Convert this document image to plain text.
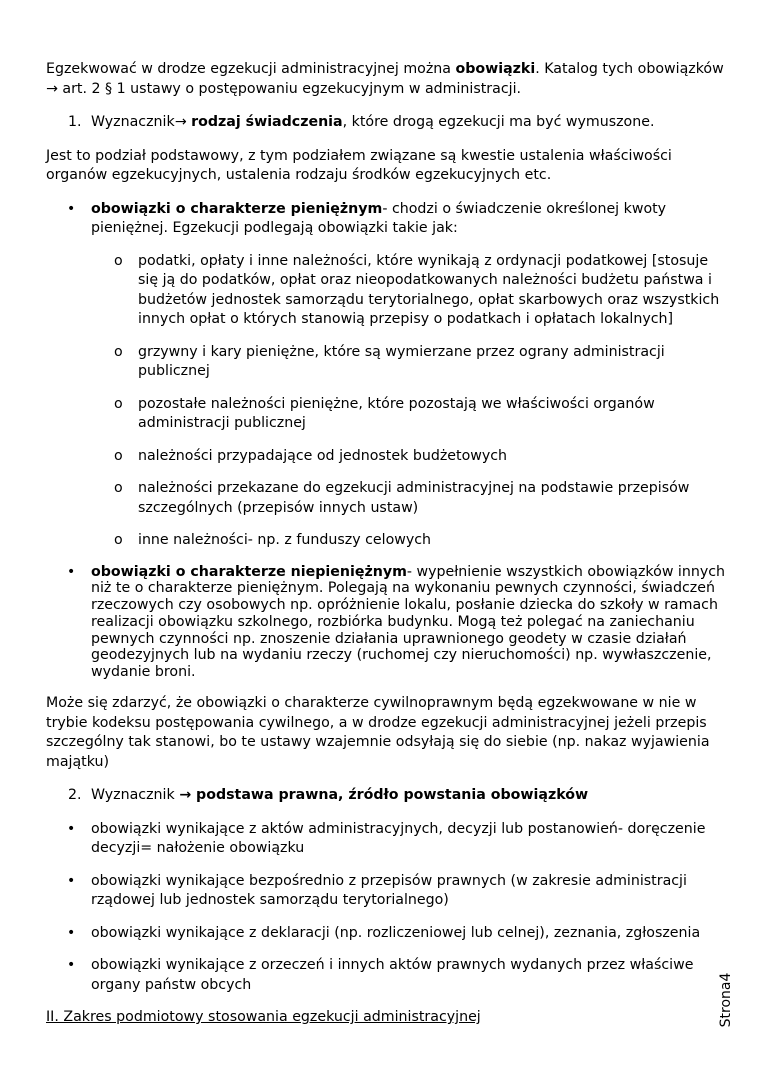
Egzekwować w drodze egzekucji administracyjnej można obowiązki. Katalog tych obowiązków → art. 2 § 1 ustawy o postępowaniu egzekucyjnym w administracji.

1. Wyznacznik→ rodzaj świadczenia, które drogą egzekucji ma być wymuszone.

Jest to podział podstawowy, z tym podziałem związane są kwestie ustalenia właściwości organów egzekucyjnych, ustalenia rodzaju środków egzekucyjnych etc.

• obowiązki o charakterze pieniężnym- chodzi o świadczenie określonej kwoty pieniężnej. Egzekucji podlegają obowiązki takie jak:
o podatki, opłaty i inne należności, które wynikają z ordynacji podatkowej [stosuje się ją do podatków, opłat oraz nieopodatkowanych należności budżetu państwa i budżetów jednostek samorządu terytorialnego, opłat skarbowych oraz wszystkich innych opłat o których stanowią przepisy o podatkach i opłatach lokalnych]
o grzywny i kary pieniężne, które są wymierzane przez ograny administracji publicznej
o pozostałe należności pieniężne, które pozostają we właściwości organów administracji publicznej
o należności przypadające od jednostek budżetowych
o należności przekazane do egzekucji administracyjnej na podstawie przepisów szczególnych (przepisów innych ustaw)
o inne należności- np. z funduszy celowych
• obowiązki o charakterze niepieniężnym- wypełnienie wszystkich obowiązków innych niż te o charakterze pieniężnym. Polegają na wykonaniu pewnych czynności, świadczeń rzeczowych czy osobowych np. opróżnienie lokalu, posłanie dziecka do szkoły w ramach realizacji obowiązku szkolnego, rozbiórka budynku. Mogą też polegać na zaniechaniu pewnych czynności np. znoszenie działania uprawnionego geodety w czasie działań geodezyjnych lub na wydaniu rzeczy (ruchomej czy nieruchomości) np. wywłaszczenie, wydanie broni.

Może się zdarzyć, że obowiązki o charakterze cywilnoprawnym będą egzekwowane w nie w trybie kodeksu postępowania cywilnego, a w drodze egzekucji administracyjnej jeżeli przepis szczególny tak stanowi, bo te ustawy wzajemnie odsyłają się do siebie (np. nakaz wyjawienia majątku)

2. Wyznacznik → podstawa prawna, źródło powstania obowiązków
• obowiązki wynikające z aktów administracyjnych, decyzji lub postanowień- doręczenie decyzji= nałożenie obowiązku
• obowiązki wynikające bezpośrednio z przepisów prawnych (w zakresie administracji rządowej lub jednostek samorządu terytorialnego)
• obowiązki wynikające z deklaracji (np. rozliczeniowej lub celnej), zeznania, zgłoszenia
• obowiązki wynikające z orzeczeń i innych aktów prawnych wydanych przez właściwe organy państw obcych

II. Zakres podmiotowy stosowania egzekucji administracyjnej	Strona4
